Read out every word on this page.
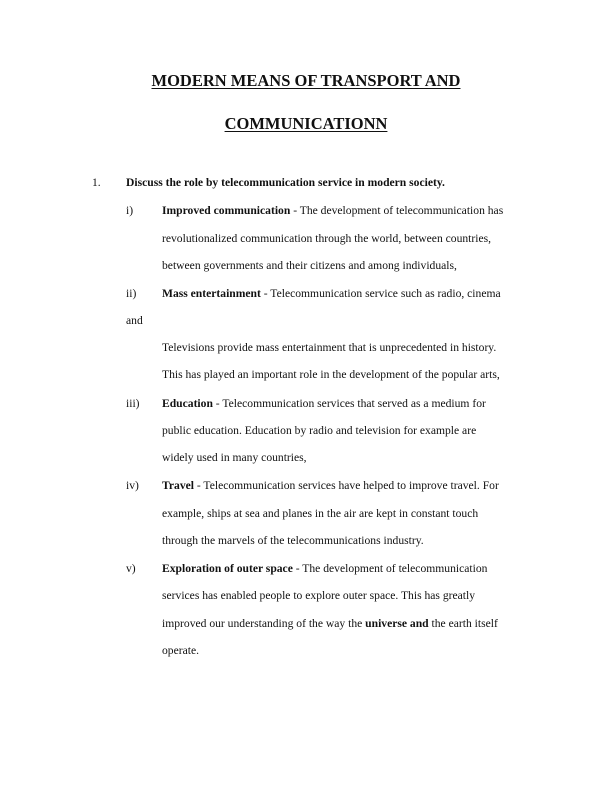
MODERN MEANS OF TRANSPORT AND
COMMUNICATIONN
1. Discuss the role by telecommunication service in modern society.
i) Improved communication - The development of telecommunication has
revolutionalized communication through the world, between countries,
between governments and their citizens and among individuals,
ii) Mass entertainment - Telecommunication service such as radio, cinema
and
Televisions provide mass entertainment that is unprecedented in history.
This has played an important role in the development of the popular arts,
iii) Education - Telecommunication services that served as a medium for
public education. Education by radio and television for example are
widely used in many countries,
iv) Travel - Telecommunication services have helped to improve travel. For
example, ships at sea and planes in the air are kept in constant touch
through the marvels of the telecommunications industry.
v) Exploration of outer space - The development of telecommunication
services has enabled people to explore outer space. This has greatly
improved our understanding of the way the universe and the earth itself
operate.
